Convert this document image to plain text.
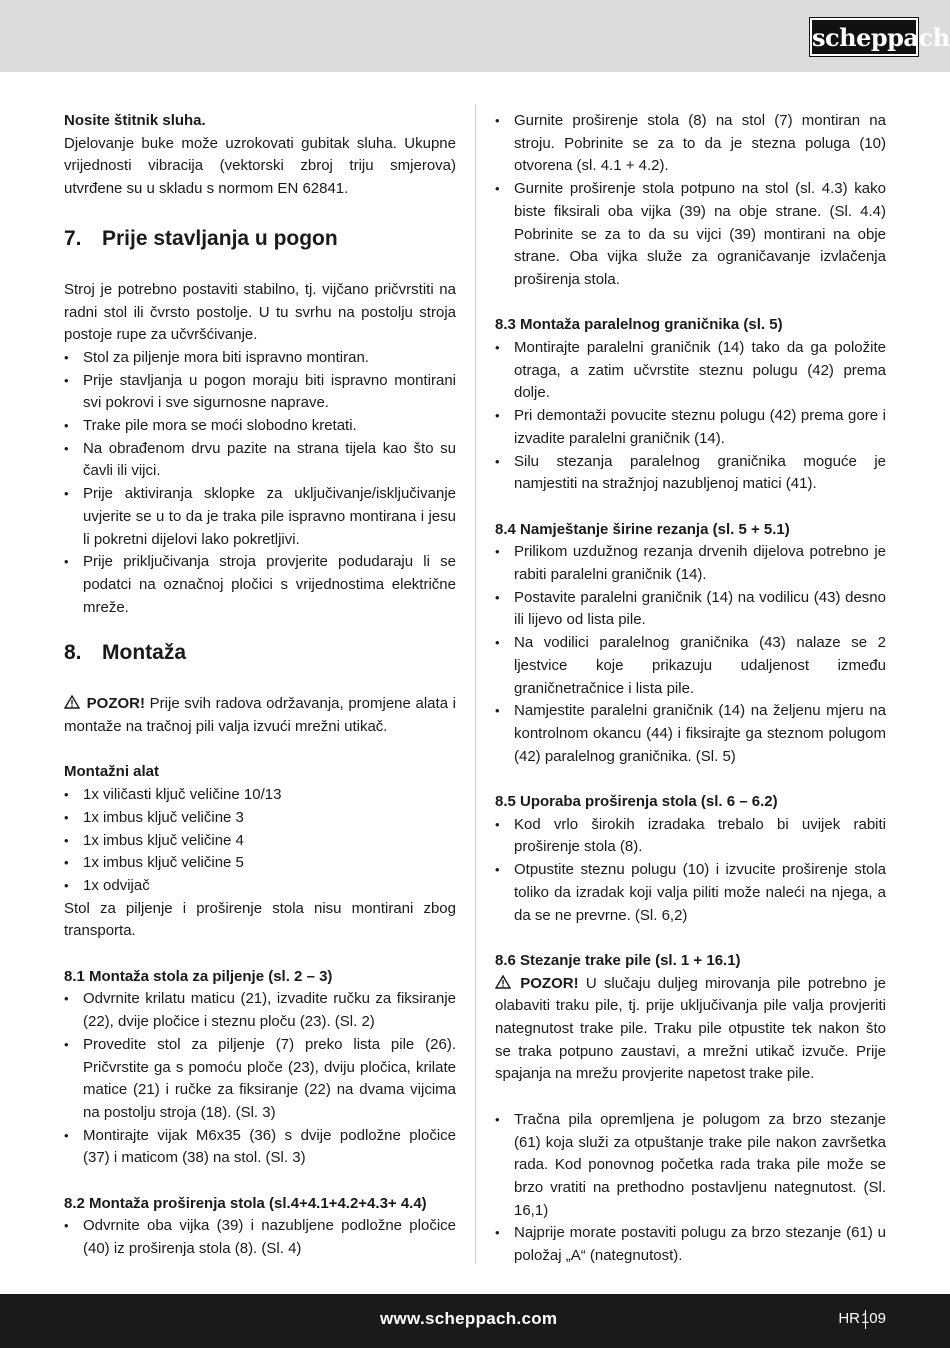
scheppach

Nosite štitnik sluha.

Djelovanje buke može uzrokovati gubitak sluha. Ukupne vrijednosti vibracija (vektorski zbroj triju smjerova) utvrđene su u skladu s normom EN 62841.

7. Prije stavljanja u pogon

Stroj je potrebno postaviti stabilno, tj. vijčano pričvrstiti na radni stol ili čvrsto postolje. U tu svrhu na postolju stroja postoje rupe za učvršćivanje.

• Stol za piljenje mora biti ispravno montiran.
• Prije stavljanja u pogon moraju biti ispravno montirani svi pokrovi i sve sigurnosne naprave.
• Trake pile mora se moći slobodno kretati.
• Na obrađenom drvu pazite na strana tijela kao što su čavli ili vijci.
• Prije aktiviranja sklopke za uključivanje/isključivanje uvjerite se u to da je traka pile ispravno montirana i jesu li pokretni dijelovi lako pokretljivi.
• Prije priključivanja stroja provjerite podudaraju li se podatci na označnoj pločici s vrijednostima električne mreže.
8. Montaža

POZOR! Prije svih radova održavanja, promjene alata i montaže na tračnoj pili valja izvući mrežni utikač.

Montažni alat

• 1x viličasti ključ veličine 10/13
• 1x imbus ključ veličine 3
• 1x imbus ključ veličine 4
• 1x imbus ključ veličine 5
• 1x odvijač

Stol za piljenje i proširenje stola nisu montirani zbog transporta.

8.1 Montaža stola za piljenje (sl. 2 – 3)

• Odvrnite krilatu maticu (21), izvadite ručku za fiksiranje (22), dvije pločice i steznu ploču (23). (Sl. 2)
• Provedite stol za piljenje (7) preko lista pile (26). Pričvrstite ga s pomoću ploče (23), dviju pločica, krilate matice (21) i ručke za fiksiranje (22) na dvama vijcima na postolju stroja (18). (Sl. 3)
• Montirajte vijak M6x35 (36) s dvije podložne pločice (37) i maticom (38) na stol. (Sl. 3)

8.2 Montaža proširenja stola (sl.4+4.1+4.2+4.3+ 4.4)

• Odvrnite oba vijka (39) i nazubljene podložne pločice (40) iz proširenja stola (8). (Sl. 4)
• Gurnite proširenje stola (8) na stol (7) montiran na stroju. Pobrinite se za to da je stezna poluga (10) otvorena (sl. 4.1 + 4.2).
• Gurnite proširenje stola potpuno na stol (sl. 4.3) kako biste fiksirali oba vijka (39) na obje strane. (Sl. 4.4) Pobrinite se za to da su vijci (39) montirani na obje strane. Oba vijka služe za ograničavanje izvlačenja proširenja stola.

8.3 Montaža paralelnog graničnika (sl. 5)

• Montirajte paralelni graničnik (14) tako da ga položite otraga, a zatim učvrstite steznu polugu (42) prema dolje.
• Pri demontaži povucite steznu polugu (42) prema gore i izvadite paralelni graničnik (14).
• Silu stezanja paralelnog graničnika moguće je namjestiti na stražnjoj nazubljenoj matici (41).

8.4 Namještanje širine rezanja (sl. 5 + 5.1)

• Prilikom uzdužnog rezanja drvenih dijelova potrebno je rabiti paralelni graničnik (14).
• Postavite paralelni graničnik (14) na vodilicu (43) desno ili lijevo od lista pile.
• Na vodilici paralelnog graničnika (43) nalaze se 2 ljestvice koje prikazuju udaljenost između graničnetračnice i lista pile.
• Namjestite paralelni graničnik (14) na željenu mjeru na kontrolnom okancu (44) i fiksirajte ga steznom polugom (42) paralelnog graničnika. (Sl. 5)

8.5 Uporaba proširenja stola (sl. 6 – 6.2)

• Kod vrlo širokih izradaka trebalo bi uvijek rabiti proširenje stola (8).
• Otpustite steznu polugu (10) i izvucite proširenje stola toliko da izradak koji valja piliti može naleći na njega, a da se ne prevrne. (Sl. 6,2)

8.6 Stezanje trake pile (sl. 1 + 16.1)

POZOR! U slučaju duljeg mirovanja pile potrebno je olabaviti traku pile, tj. prije uključivanja pile valja provjeriti nategnutost trake pile. Traku pile otpustite tek nakon što se traka potpuno zaustavi, a mrežni utikač izvuče. Prije spajanja na mrežu provjerite napetost trake pile.

• Tračna pila opremljena je polugom za brzo stezanje (61) koja služi za otpuštanje trake pile nakon završetka rada. Kod ponovnog početka rada traka pile može se brzo vratiti na prethodno postavljenu nategnutost. (Sl. 16,1)
• Najprije morate postaviti polugu za brzo stezanje (61) u položaj „A“ (nategnutost).
www.scheppach.com	HR 109
